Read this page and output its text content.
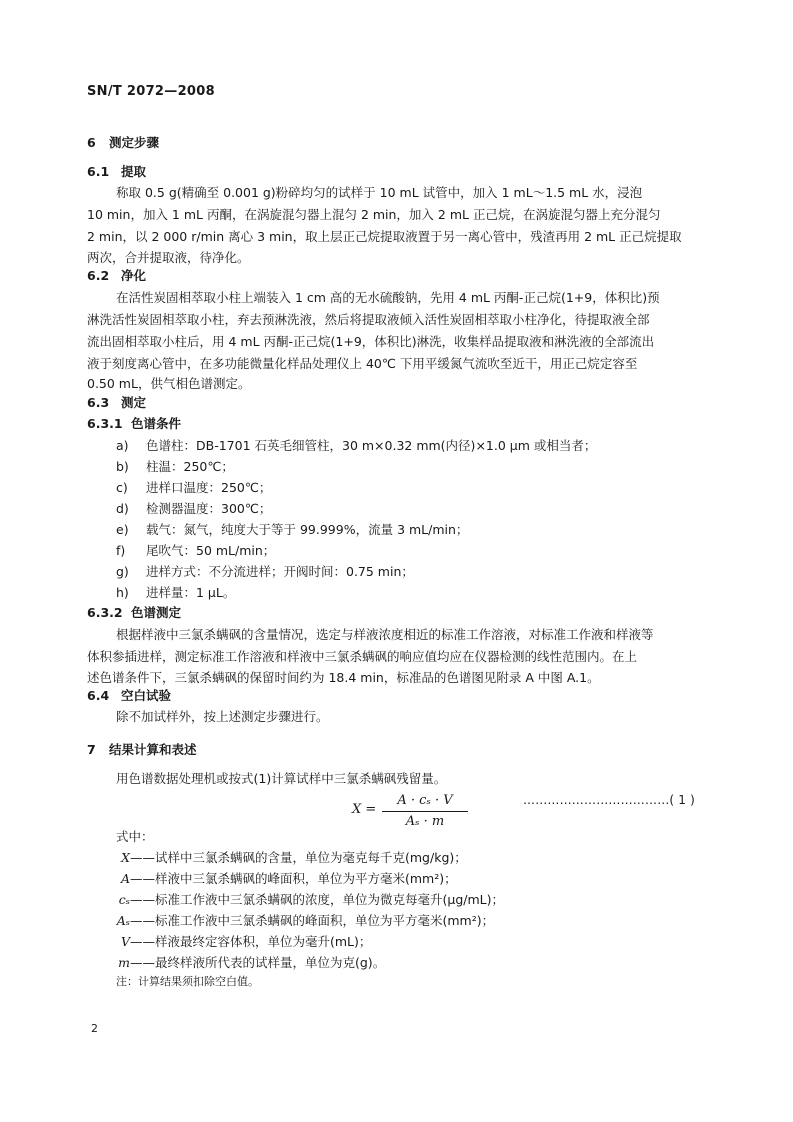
SN/T 2072—2008
6 测定步骤
6.1 提取
称取 0.5 g(精确至 0.001 g)粉碎均匀的试样于 10 mL 试管中，加入 1 mL～1.5 mL 水，浸泡
10 min，加入 1 mL 丙酮，在涡旋混匀器上混匀 2 min，加入 2 mL 正己烷，在涡旋混匀器上充分混匀
2 min，以 2 000 r/min 离心 3 min，取上层正己烷提取液置于另一离心管中，残渣再用 2 mL 正己烷提取
两次，合并提取液，待净化。
6.2 净化
在活性炭固相萃取小柱上端装入 1 cm 高的无水硫酸钠，先用 4 mL 丙酮-正己烷(1+9，体积比)预
淋洗活性炭固相萃取小柱，弃去预淋洗液，然后将提取液倾入活性炭固相萃取小柱净化，待提取液全部
流出固相萃取小柱后，用 4 mL 丙酮-正己烷(1+9，体积比)淋洗，收集样品提取液和淋洗液的全部流出
液于刻度离心管中，在多功能微量化样品处理仪上 40℃ 下用平缓氮气流吹至近干，用正己烷定容至
0.50 mL，供气相色谱测定。
6.3 测定
6.3.1 色谱条件
a) 色谱柱：DB-1701 石英毛细管柱，30 m×0.32 mm(内径)×1.0 μm 或相当者；
b) 柱温：250℃；
c) 进样口温度：250℃；
d) 检测器温度：300℃；
e) 载气：氮气，纯度大于等于 99.999%，流量 3 mL/min；
f) 尾吹气：50 mL/min；
g) 进样方式：不分流进样；开阀时间：0.75 min；
h) 进样量：1 μL。
6.3.2 色谱测定
根据样液中三氯杀螨砜的含量情况，选定与样液浓度相近的标准工作溶液，对标准工作液和样液等
体积参插进样，测定标准工作溶液和样液中三氯杀螨砜的响应值均应在仪器检测的线性范围内。在上
述色谱条件下，三氯杀螨砜的保留时间约为 18.4 min，标准品的色谱图见附录 A 中图 A.1。
6.4 空白试验
除不加试样外，按上述测定步骤进行。
7 结果计算和表述
用色谱数据处理机或按式(1)计算试样中三氯杀螨砜残留量。
X =
A · cₛ · V
Aₛ · m
………………………………( 1 )
式中：
X——试样中三氯杀螨砜的含量，单位为毫克每千克(mg/kg)；
A——样液中三氯杀螨砜的峰面积，单位为平方毫米(mm²)；
cₛ——标准工作液中三氯杀螨砜的浓度，单位为微克每毫升(μg/mL)；
Aₛ——标准工作液中三氯杀螨砜的峰面积，单位为平方毫米(mm²)；
V——样液最终定容体积，单位为毫升(mL)；
m——最终样液所代表的试样量，单位为克(g)。
注：计算结果须扣除空白值。
2
